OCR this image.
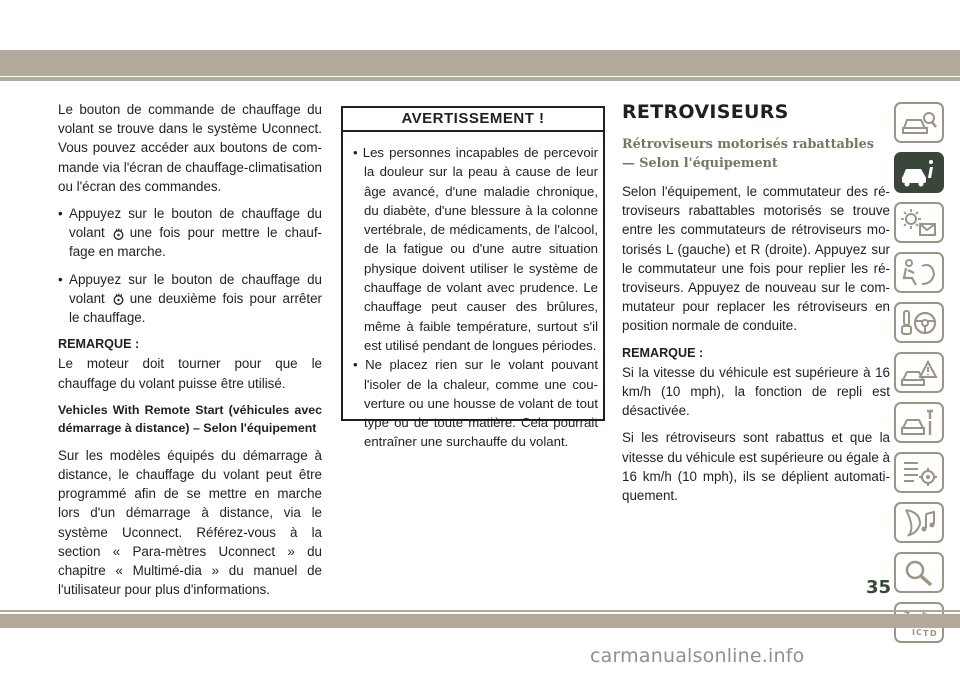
Le bouton de commande de chauffage du volant se trouve dans le système Uconnect. Vous pouvez accéder aux boutons de com-mande via l'écran de chauffage-climatisation ou l'écran des commandes.

• Appuyez sur le bouton de chauffage du volant une fois pour mettre le chauf-fage en marche.

• Appuyez sur le bouton de chauffage du volant une deuxième fois pour arrêter le chauffage.

REMARQUE :

Le moteur doit tourner pour que le chauffage du volant puisse être utilisé.

Vehicles With Remote Start (véhicules avec démarrage à distance) – Selon l'équipement

Sur les modèles équipés du démarrage à distance, le chauffage du volant peut être programmé afin de se mettre en marche lors d'un démarrage à distance, via le système Uconnect. Référez-vous à la section « Para-mètres Uconnect » du chapitre « Multimé-dia » du manuel de l'utilisateur pour plus d'informations.

AVERTISSEMENT !

• Les personnes incapables de percevoir la douleur sur la peau à cause de leur âge avancé, d'une maladie chronique, du diabète, d'une blessure à la colonne vertébrale, de médicaments, de l'alcool, de la fatigue ou d'une autre situation physique doivent utiliser le système de chauffage de volant avec prudence. Le chauffage peut causer des brûlures, même à faible température, surtout s'il est utilisé pendant de longues périodes.

• Ne placez rien sur le volant pouvant l'isoler de la chaleur, comme une cou-verture ou une housse de volant de tout type ou de toute matière. Cela pourrait entraîner une surchauffe du volant.

RETROVISEURS
Rétroviseurs motorisés rabattables — Selon l'équipement

Selon l'équipement, le commutateur des ré-troviseurs rabattables motorisés se trouve entre les commutateurs de rétroviseurs mo-torisés L (gauche) et R (droite). Appuyez sur le commutateur une fois pour replier les ré-troviseurs. Appuyez de nouveau sur le com-mutateur pour replacer les rétroviseurs en position normale de conduite.

REMARQUE :

Si la vitesse du véhicule est supérieure à 16 km/h (10 mph), la fonction de repli est désactivée.

Si les rétroviseurs sont rabattus et que la vitesse du véhicule est supérieure ou égale à 16 km/h (10 mph), ils se déplient automati-quement.

I C T D
35
carmanualsonline.info
